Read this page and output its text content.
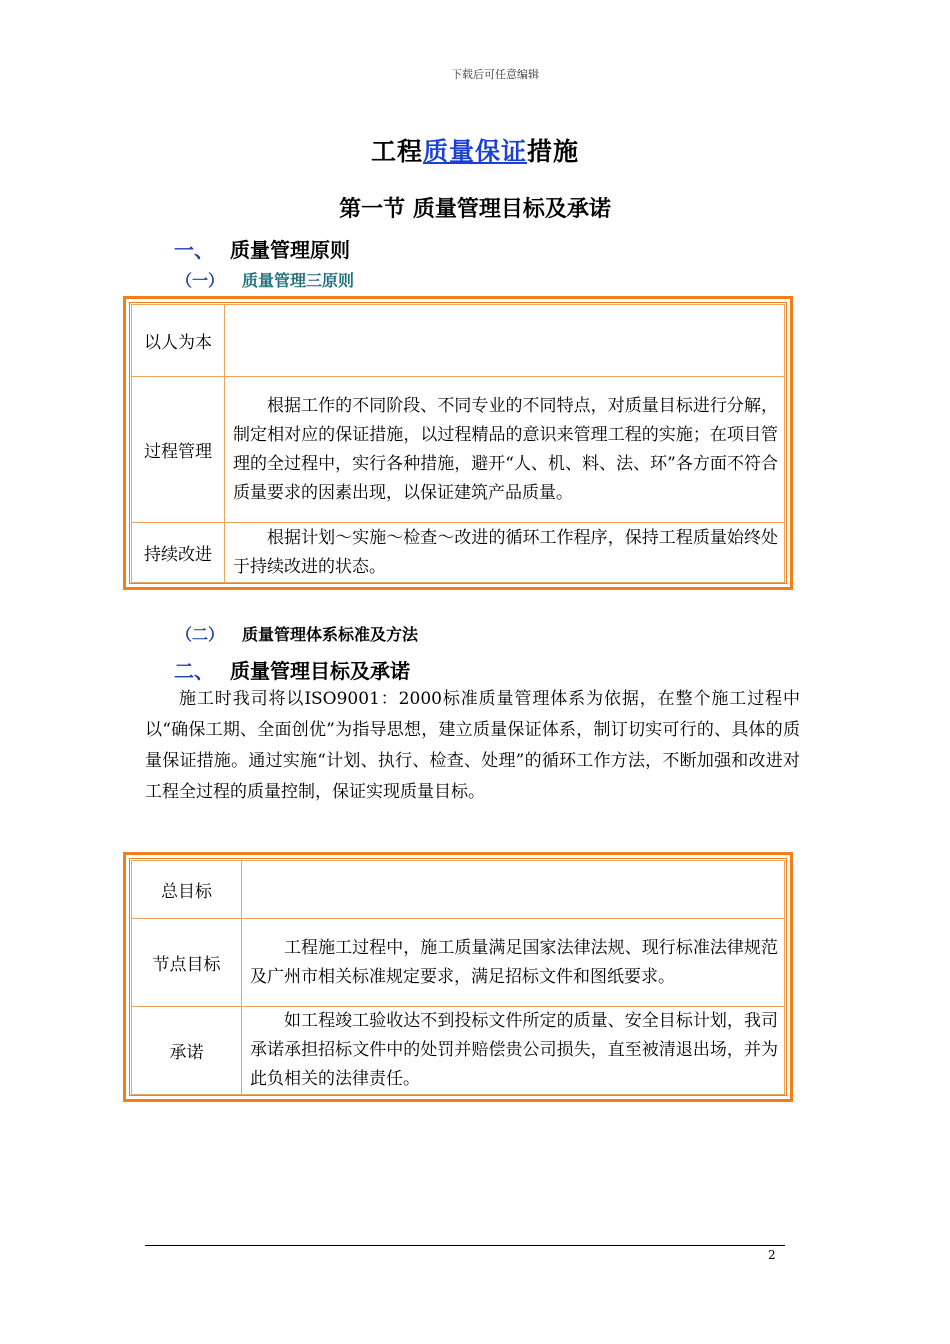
下载后可任意编辑
工程质量保证措施
第一节 质量管理目标及承诺
一、 质量管理原则
（一） 质量管理三原则
以人为本	

过程管理	根据工作的不同阶段、不同专业的不同特点，对质量目标进行分解，制定相对应的保证措施，以过程精品的意识来管理工程的实施；在项目管理的全过程中，实行各种措施，避开“人、机、料、法、环”各方面不符合质量要求的因素出现，以保证建筑产品质量。

持续改进	根据计划～实施～检查～改进的循环工作程序，保持工程质量始终处于持续改进的状态。
（二） 质量管理体系标准及方法
二、 质量管理目标及承诺
施工时我司将以ISO9001：2000标准质量管理体系为依据，在整个施工过程中以“确保工期、全面创优”为指导思想，建立质量保证体系，制订切实可行的、具体的质量保证措施。通过实施“计划、执行、检查、处理”的循环工作方法，不断加强和改进对工程全过程的质量控制，保证实现质量目标。
总目标	

节点目标	工程施工过程中，施工质量满足国家法律法规、现行标准法律规范及广州市相关标准规定要求，满足招标文件和图纸要求。

承诺	如工程竣工验收达不到投标文件所定的质量、安全目标计划，我司承诺承担招标文件中的处罚并赔偿贵公司损失，直至被清退出场，并为此负相关的法律责任。
2
